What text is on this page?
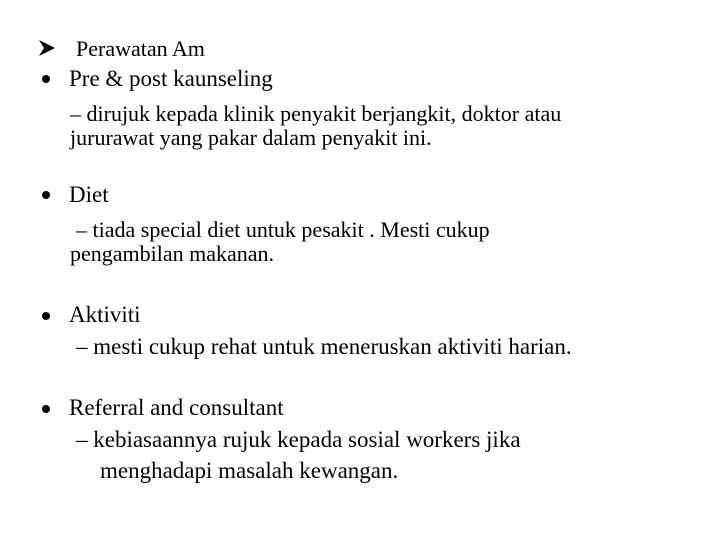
Perawatan Am
Pre & post kaunseling
– dirujuk kepada klinik penyakit berjangkit, doktor atau
jururawat yang pakar dalam penyakit ini.
Diet
– tiada special diet untuk pesakit . Mesti cukup
pengambilan makanan.
Aktiviti
– mesti cukup rehat untuk meneruskan aktiviti harian.
Referral and consultant
– kebiasaannya rujuk kepada sosial workers jika
menghadapi masalah kewangan.
